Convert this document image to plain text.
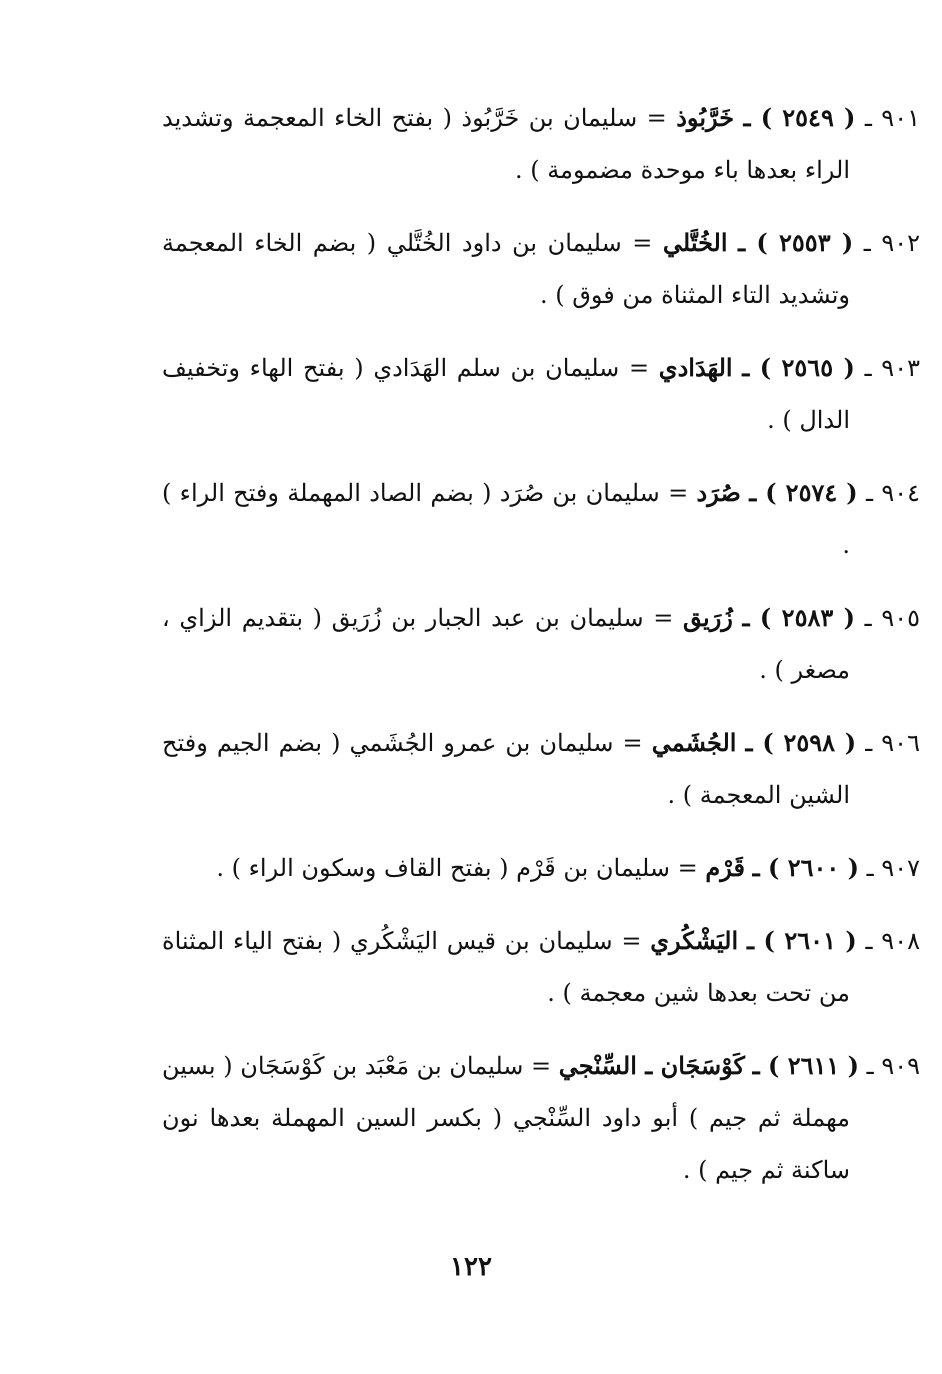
٩٠١ ـ ( ٢٥٤٩ ) ـ خَرَّبُوذ = سليمان بن خَرَّبُوذ ( بفتح الخاء المعجمة وتشديد الراء بعدها باء موحدة مضمومة ) .

٩٠٢ ـ ( ٢٥٥٣ ) ـ الخُتَّلي = سليمان بن داود الخُتَّلي ( بضم الخاء المعجمة وتشديد التاء المثناة من فوق ) .

٩٠٣ ـ ( ٢٥٦٥ ) ـ الهَدَادي = سليمان بن سلم الهَدَادي ( بفتح الهاء وتخفيف الدال ) .

٩٠٤ ـ ( ٢٥٧٤ ) ـ صُرَد = سليمان بن صُرَد ( بضم الصاد المهملة وفتح الراء ) .

٩٠٥ ـ ( ٢٥٨٣ ) ـ زُرَيق = سليمان بن عبد الجبار بن زُرَيق ( بتقديم الزاي ، مصغر ) .

٩٠٦ ـ ( ٢٥٩٨ ) ـ الجُشَمي = سليمان بن عمرو الجُشَمي ( بضم الجيم وفتح الشين المعجمة ) .

٩٠٧ ـ ( ٢٦٠٠ ) ـ قَرْم = سليمان بن قَرْم ( بفتح القاف وسكون الراء ) .

٩٠٨ ـ ( ٢٦٠١ ) ـ اليَشْكُري = سليمان بن قيس اليَشْكُري ( بفتح الياء المثناة من تحت بعدها شين معجمة ) .

٩٠٩ ـ ( ٢٦١١ ) ـ كَوْسَجَان ـ السِّنْجي = سليمان بن مَعْبَد بن كَوْسَجَان ( بسين مهملة ثم جيم ) أبو داود السِّنْجي ( بكسر السين المهملة بعدها نون ساكنة ثم جيم ) .

١٢٢
